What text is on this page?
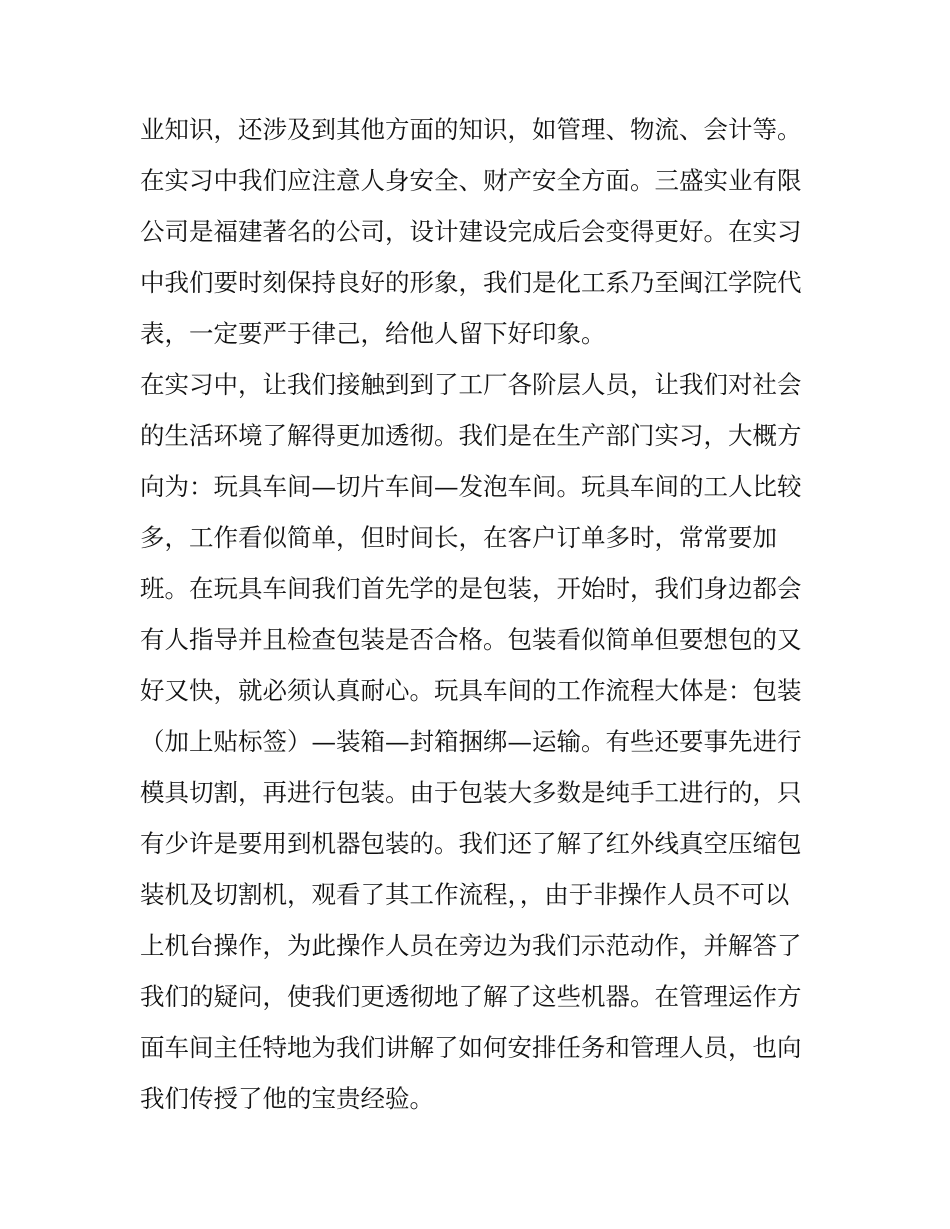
业知识，还涉及到其他方面的知识，如管理、物流、会计等。
在实习中我们应注意人身安全、财产安全方面。三盛实业有限
公司是福建著名的公司，设计建设完成后会变得更好。在实习
中我们要时刻保持良好的形象，我们是化工系乃至闽江学院代
表，一定要严于律己，给他人留下好印象。
在实习中，让我们接触到到了工厂各阶层人员，让我们对社会
的生活环境了解得更加透彻。我们是在生产部门实习，大概方
向为：玩具车间—切片车间—发泡车间。玩具车间的工人比较
多，工作看似简单，但时间长，在客户订单多时，常常要加
班。在玩具车间我们首先学的是包装，开始时，我们身边都会
有人指导并且检查包装是否合格。包装看似简单但要想包的又
好又快，就必须认真耐心。玩具车间的工作流程大体是：包装
（加上贴标签）—装箱—封箱捆绑—运输。有些还要事先进行
模具切割，再进行包装。由于包装大多数是纯手工进行的，只
有少许是要用到机器包装的。我们还了解了红外线真空压缩包
装机及切割机，观看了其工作流程，，由于非操作人员不可以
上机台操作，为此操作人员在旁边为我们示范动作，并解答了
我们的疑问，使我们更透彻地了解了这些机器。在管理运作方
面车间主任特地为我们讲解了如何安排任务和管理人员，也向
我们传授了他的宝贵经验。
